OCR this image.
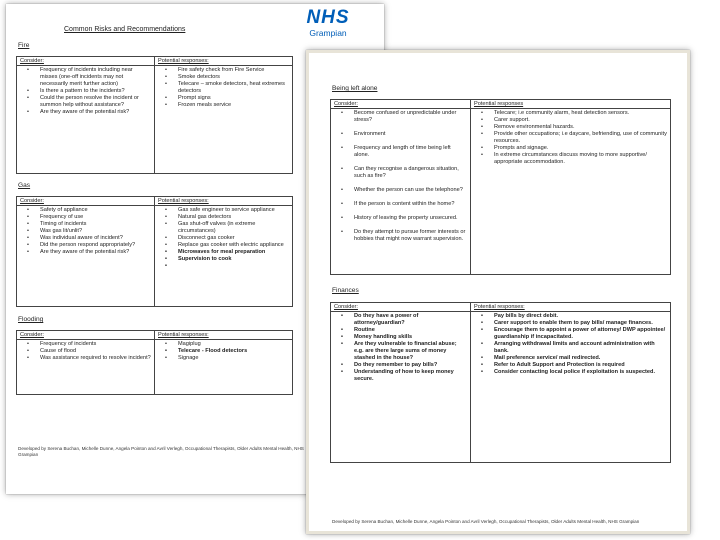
Common Risks and Recommendations
NHS
Grampian
Fire
Consider:
• Frequency of incidents including near misses (one-off incidents may not necessarily merit further action)
• Is there a pattern to the incidents?
• Could the person resolve the incident or summon help without assistance?
• Are they aware of the potential risk?
Potential responses:
• Fire safety check from Fire Service
• Smoke detectors
• Telecare – smoke detectors, heat extremes detectors
• Prompt signs
• Frozen meals service
Gas
Consider:
• Safety of appliance
• Frequency of use
• Timing of incidents
• Was gas lit/unlit?
• Was individual aware of incident?
• Did the person respond appropriately?
• Are they aware of the potential risk?
Potential responses:
• Gas safe engineer to service appliance
• Natural gas detectors
• Gas shut-off valves (in extreme circumstances)
• Disconnect gas cooker
• Replace gas cooker with electric appliance
• Microwaves for meal preparation
• Supervision to cook
Flooding
Consider:
• Frequency of incidents
• Cause of flood
• Was assistance required to resolve incident?
Potential responses:
• Magiplug
• Telecare - Flood detectors
• Signage
Developed by Serena Buchan, Michelle Dunne, Angela Pointon and Avril Verlegh, Occupational Therapists, Older Adults Mental Health, NHS Grampian
Being left alone
Consider:
• Become confused or unpredictable under stress?
• Environment
• Frequency and length of time being left alone.
• Can they recognise a dangerous situation, such as fire?
• Whether the person can use the telephone?
• If the person is content within the home?
• History of leaving the property unsecured.
• Do they attempt to pursue former interests or hobbies that might now warrant supervision.
Potential responses
• Telecare; i.e community alarm, heat detection sensors.
• Carer support.
• Remove environmental hazards.
• Provide other occupations; i.e daycare, befriending, use of community resources.
• Prompts and signage.
• In extreme circumstances discuss moving to more supportive/ appropriate accommodation.
Finances
Consider:
• Do they have a power of attorney/guardian?
• Routine
• Money handling skills
• Are they vulnerable to financial abuse; e.g. are there large sums of money stashed in the house?
• Do they remember to pay bills?
• Understanding of how to keep money secure.
Potential responses:
• Pay bills by direct debit.
• Carer support to enable them to pay bills/ manage finances.
• Encourage them to appoint a power of attorney/ DWP appointee/ guardianship if incapacitated.
• Arranging withdrawal limits and account administration with bank.
• Mail preference service/ mail redirected.
• Refer to Adult Support and Protection is required
• Consider contacting local police if exploitation is suspected.
Developed by Serena Buchan, Michelle Dunne, Angela Pointon and Avril Verlegh, Occupational Therapists, Older Adults Mental Health, NHS Grampian
